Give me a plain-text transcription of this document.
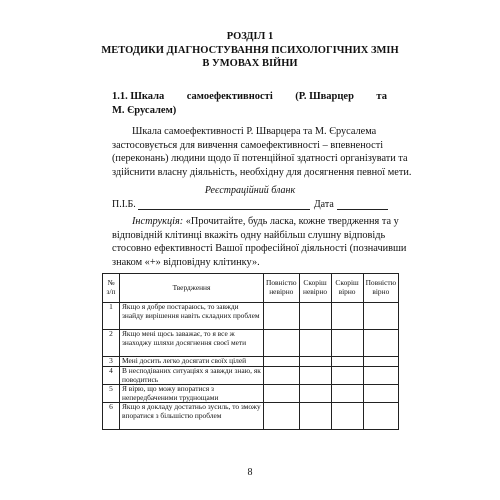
РОЗДІЛ 1
МЕТОДИКИ ДІАГНОСТУВАННЯ ПСИХОЛОГІЧНИХ ЗМІН
В УМОВАХ ВІЙНИ
1.1. Шкала самоефективності (Р. Шварцер та
М. Єрусалем)
Шкала самоефективності Р. Шварцера та М. Єрусалема
застосовується для вивчення самоефективності – впевненості
(переконань) людини щодо її потенційної здатності організувати та
здійснити власну діяльність, необхідну для досягнення певної мети.
Реєстраційний бланк
П.І.Б.	Дата
Інструкція: «Прочитайте, будь ласка, кожне твердження та у
відповідній клітинці вкажіть одну найбільш слушну відповідь
стосовно ефективності Вашої професійної діяльності (позначивши
знаком «+» відповідну клітинку».
№ з/п	Твердження	Повністю невірно	Скоріш невірно	Скоріш вірно	Повністю вірно
1	Якщо я добре постараюсь, то завжди знайду вирішення навіть складних проблем				
2	Якщо мені щось заважає, то я все ж знаходжу шляхи досягнення своєї мети				
3	Мені досить легко досягати своїх цілей				
4	В несподіваних ситуаціях я завжди знаю, як поводитись				
5	Я вірю, що можу впоратися з непередбаченими труднощами				
6	Якщо я докладу достатньо зусиль, то зможу впоратися з більшістю проблем				
8
